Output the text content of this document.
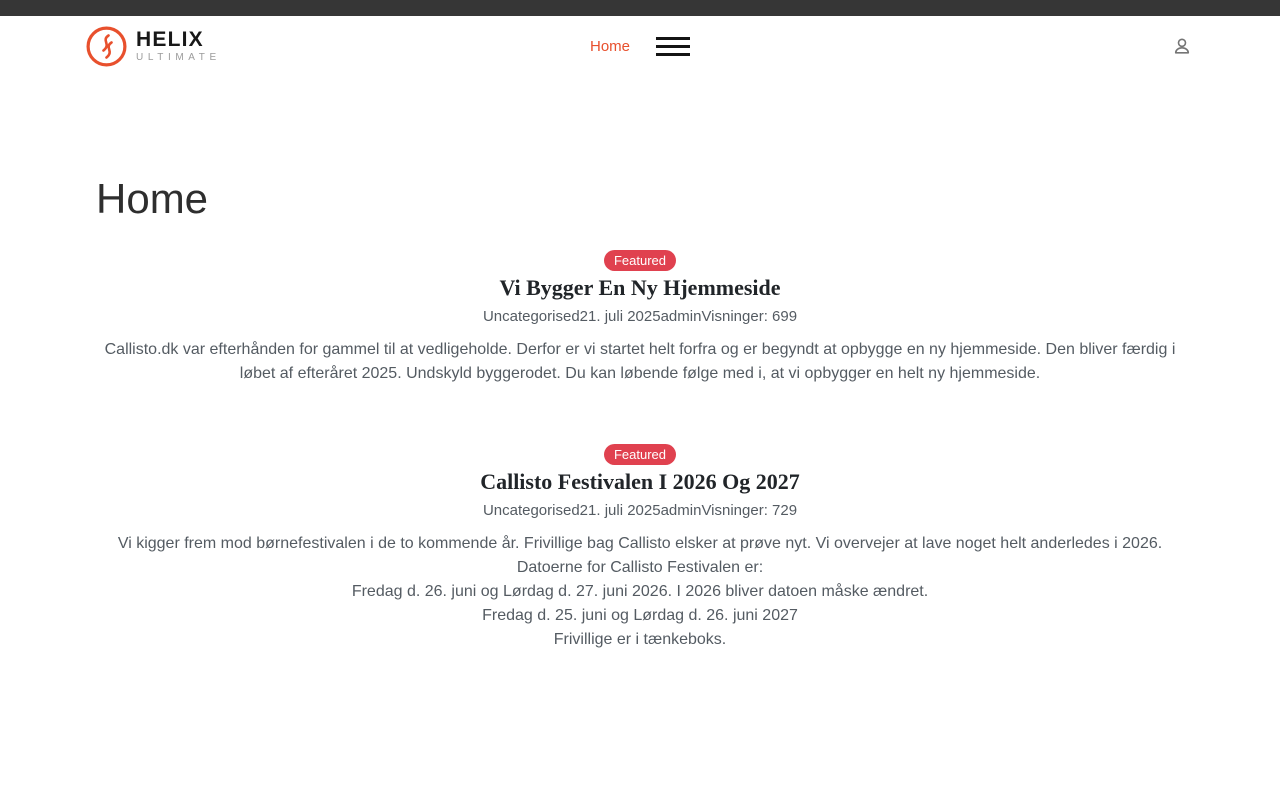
HELIX
ULTIMATE
Home
Home
Featured
Vi Bygger En Ny Hjemmeside
Uncategorised21. juli 2025adminVisninger: 699
Callisto.dk var efterhånden for gammel til at vedligeholde. Derfor er vi startet helt forfra og er begyndt at opbygge en ny hjemmeside. Den bliver færdig i
løbet af efteråret 2025. Undskyld byggerodet. Du kan løbende følge med i, at vi opbygger en helt ny hjemmeside.
Featured
Callisto Festivalen I 2026 Og 2027
Uncategorised21. juli 2025adminVisninger: 729
Vi kigger frem mod børnefestivalen i de to kommende år. Frivillige bag Callisto elsker at prøve nyt. Vi overvejer at lave noget helt anderledes i 2026.
Datoerne for Callisto Festivalen er:
Fredag d. 26. juni og Lørdag d. 27. juni 2026. I 2026 bliver datoen måske ændret.
Fredag d. 25. juni og Lørdag d. 26. juni 2027
Frivillige er i tænkeboks.
